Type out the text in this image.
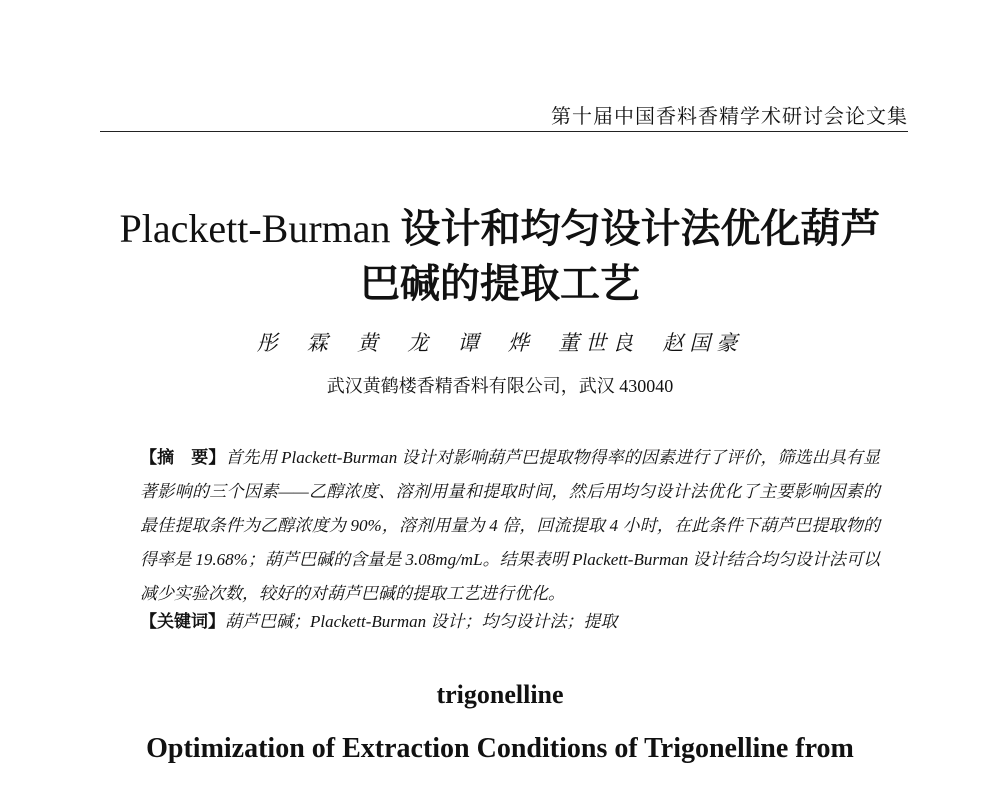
第十届中国香料香精学术研讨会论文集
Plackett-Burman 设计和均匀设计法优化葫芦
巴碱的提取工艺
彤 霖 黄 龙 谭 烨 董世良 赵国豪
武汉黄鹤楼香精香料有限公司，武汉 430040
【摘　要】首先用 Plackett-Burman 设计对影响葫芦巴提取物得率的因素进行了评价，筛选出具有显著影响的三个因素——乙醇浓度、溶剂用量和提取时间，然后用均匀设计法优化了主要影响因素的最佳提取条件为乙醇浓度为 90%，溶剂用量为 4 倍，回流提取 4 小时，在此条件下葫芦巴提取物的得率是 19.68%；葫芦巴碱的含量是 3.08mg/mL。结果表明 Plackett-Burman 设计结合均匀设计法可以减少实验次数，较好的对葫芦巴碱的提取工艺进行优化。
【关键词】葫芦巴碱；Plackett-Burman 设计；均匀设计法；提取
trigonelline
Optimization of Extraction Conditions of Trigonelline from
